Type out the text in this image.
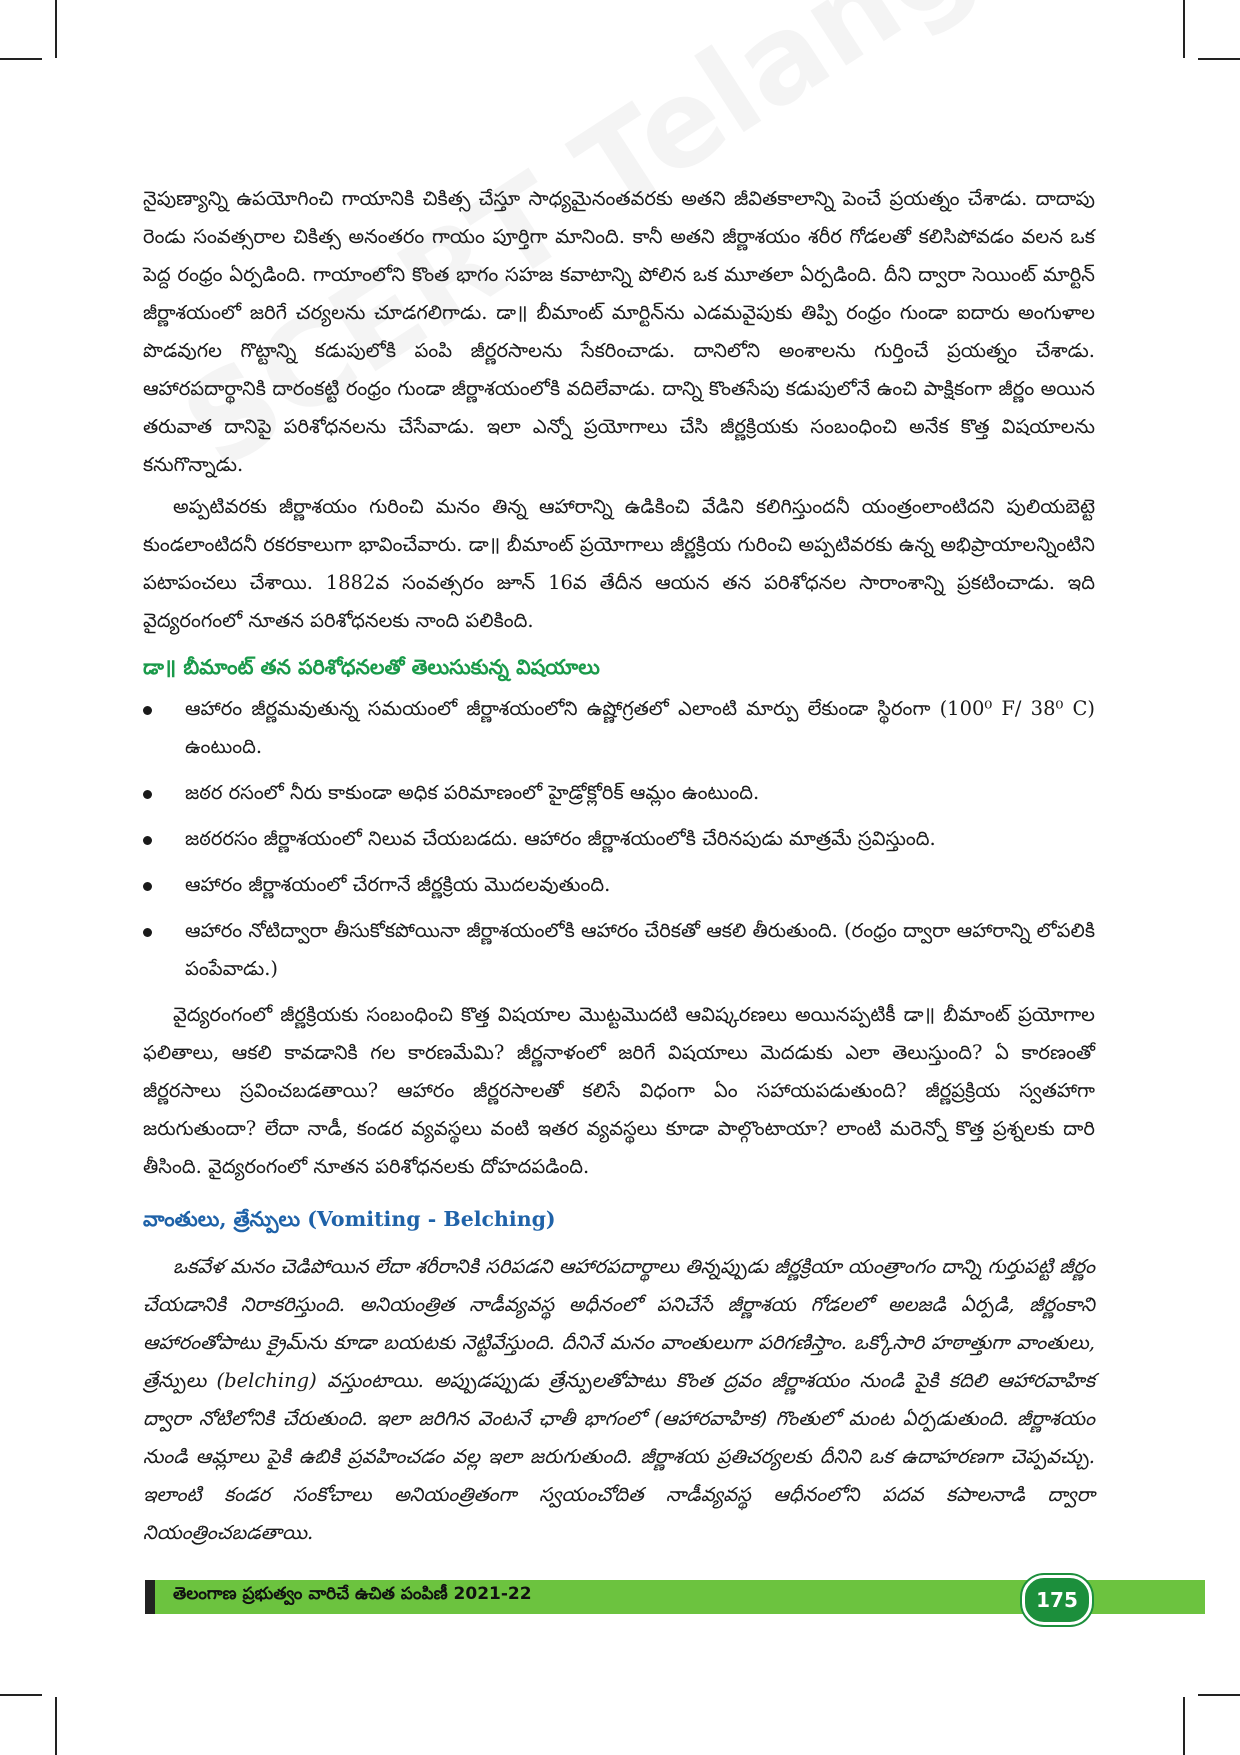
నైపుణ్యాన్ని ఉపయోగించి గాయానికి చికిత్స చేస్తూ సాధ్యమైనంతవరకు అతని జీవితకాలాన్ని పెంచే ప్రయత్నం చేశాడు. దాదాపు రెండు సంవత్సరాల చికిత్స అనంతరం గాయం పూర్తిగా మానింది. కానీ అతని జీర్ణాశయం శరీర గోడలతో కలిసిపోవడం వలన ఒక పెద్ద రంధ్రం ఏర్పడింది. గాయాంలోని కొంత భాగం సహజ కవాటాన్ని పోలిన ఒక మూతలా ఏర్పడింది. దీని ద్వారా సెయింట్ మార్టిన్ జీర్ణాశయంలో జరిగే చర్యలను చూడగలిగాడు. డా॥ బీమాంట్ మార్టిన్‌ను ఎడమవైపుకు తిప్పి రంధ్రం గుండా ఐదారు అంగుళాల పొడవుగల గొట్టాన్ని కడుపులోకి పంపి జీర్ణరసాలను సేకరించాడు. దానిలోని అంశాలను గుర్తించే ప్రయత్నం చేశాడు. ఆహారపదార్థానికి దారంకట్టి రంధ్రం గుండా జీర్ణాశయంలోకి వదిలేవాడు. దాన్ని కొంతసేపు కడుపులోనే ఉంచి పాక్షికంగా జీర్ణం అయిన తరువాత దానిపై పరిశోధనలను చేసేవాడు. ఇలా ఎన్నో ప్రయోగాలు చేసి జీర్ణక్రియకు సంబంధించి అనేక కొత్త విషయాలను కనుగొన్నాడు.

అప్పటివరకు జీర్ణాశయం గురించి మనం తిన్న ఆహారాన్ని ఉడికించి వేడిని కలిగిస్తుందనీ యంత్రంలాంటిదని పులియబెట్టె కుండలాంటిదనీ రకరకాలుగా భావించేవారు. డా॥ బీమాంట్ ప్రయోగాలు జీర్ణక్రియ గురించి అప్పటివరకు ఉన్న అభిప్రాయాలన్నింటిని పటాపంచలు చేశాయి. 1882వ సంవత్సరం జూన్ 16వ తేదీన ఆయన తన పరిశోధనల సారాంశాన్ని ప్రకటించాడు. ఇది వైద్యరంగంలో నూతన పరిశోధనలకు నాంది పలికింది.

డా॥ బీమాంట్ తన పరిశోధనలతో తెలుసుకున్న విషయాలు
ఆహారం జీర్ణమవుతున్న సమయంలో జీర్ణాశయంలోని ఉష్ణోగ్రతలో ఎలాంటి మార్పు లేకుండా స్థిరంగా (100⁰ F/ 38⁰ C) ఉంటుంది.
జఠర రసంలో నీరు కాకుండా అధిక పరిమాణంలో హైడ్రోక్లోరిక్ ఆమ్లం ఉంటుంది.
జఠరరసం జీర్ణాశయంలో నిలువ చేయబడదు. ఆహారం జీర్ణాశయంలోకి చేరినపుడు మాత్రమే స్రవిస్తుంది.
ఆహారం జీర్ణాశయంలో చేరగానే జీర్ణక్రియ మొదలవుతుంది.
ఆహారం నోటిద్వారా తీసుకోకపోయినా జీర్ణాశయంలోకి ఆహారం చేరికతో ఆకలి తీరుతుంది. (రంధ్రం ద్వారా ఆహారాన్ని లోపలికి పంపేవాడు.)

వైద్యరంగంలో జీర్ణక్రియకు సంబంధించి కొత్త విషయాల మొట్టమొదటి ఆవిష్కరణలు అయినప్పటికీ డా॥ బీమాంట్ ప్రయోగాల ఫలితాలు, ఆకలి కావడానికి గల కారణమేమి? జీర్ణనాళంలో జరిగే విషయాలు మెదడుకు ఎలా తెలుస్తుంది? ఏ కారణంతో జీర్ణరసాలు స్రవించబడతాయి? ఆహారం జీర్ణరసాలతో కలిసే విధంగా ఏం సహాయపడుతుంది? జీర్ణప్రక్రియ స్వతహాగా జరుగుతుందా? లేదా నాడీ, కండర వ్యవస్థలు వంటి ఇతర వ్యవస్థలు కూడా పాల్గొంటాయా? లాంటి మరెన్నో కొత్త ప్రశ్నలకు దారి తీసింది. వైద్యరంగంలో నూతన పరిశోధనలకు దోహదపడింది.

వాంతులు, త్రేన్పులు (Vomiting - Belching)

ఒకవేళ మనం చెడిపోయిన లేదా శరీరానికి సరిపడని ఆహారపదార్థాలు తిన్నప్పుడు జీర్ణక్రియా యంత్రాంగం దాన్ని గుర్తుపట్టి జీర్ణం చేయడానికి నిరాకరిస్తుంది. అనియంత్రిత నాడీవ్యవస్థ అధీనంలో పనిచేసే జీర్ణాశయ గోడలలో అలజడి ఏర్పడి, జీర్ణంకాని ఆహారంతోపాటు క్రైమ్‌ను కూడా బయటకు నెట్టివేస్తుంది. దీనినే మనం వాంతులుగా పరిగణిస్తాం. ఒక్కోసారి హఠాత్తుగా వాంతులు, త్రేన్పులు (belching) వస్తుంటాయి. అప్పుడప్పుడు త్రేన్పులతోపాటు కొంత ద్రవం జీర్ణాశయం నుండి పైకి కదిలి ఆహారవాహిక ద్వారా నోటిలోనికి చేరుతుంది. ఇలా జరిగిన వెంటనే ఛాతీ భాగంలో (ఆహారవాహిక) గొంతులో మంట ఏర్పడుతుంది. జీర్ణాశయం నుండి ఆమ్లాలు పైకి ఉబికి ప్రవహించడం వల్ల ఇలా జరుగుతుంది. జీర్ణాశయ ప్రతిచర్యలకు దీనిని ఒక ఉదాహరణగా చెప్పవచ్చు. ఇలాంటి కండర సంకోచాలు అనియంత్రితంగా స్వయంచోదిత నాడీవ్యవస్థ ఆధీనంలోని పదవ కపాలనాడి ద్వారా నియంత్రించబడతాయి.

తెలంగాణ ప్రభుత్వం వారిచే ఉచిత పంపిణీ 2021-22	175
